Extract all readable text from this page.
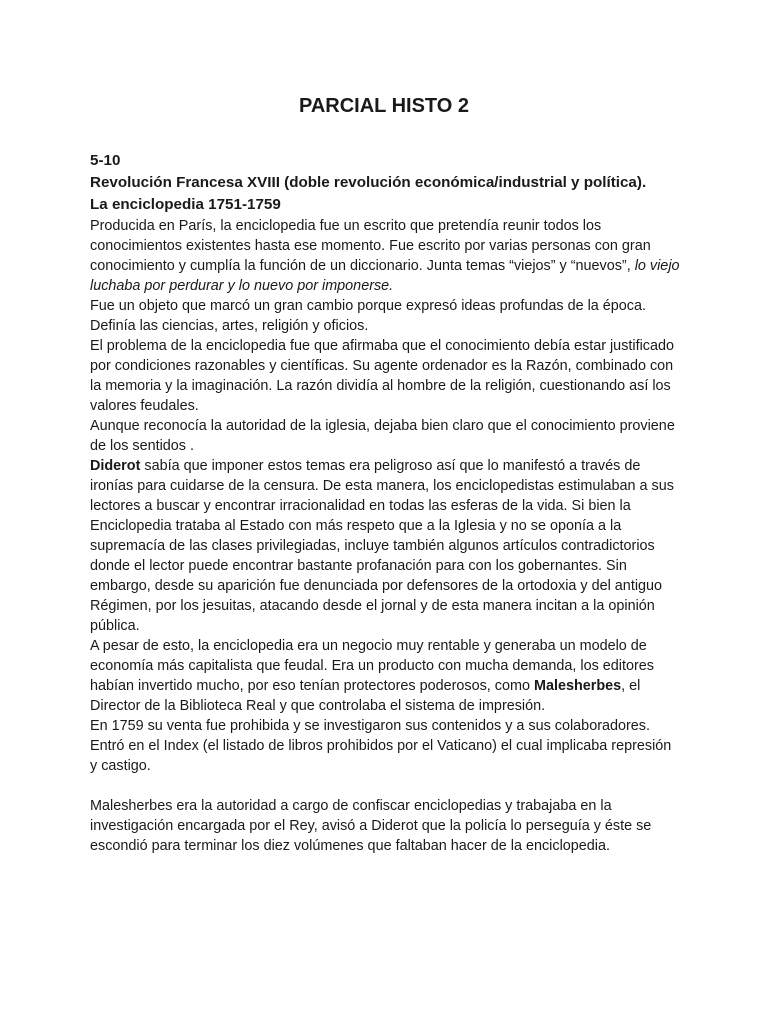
PARCIAL HISTO 2

5-10

Revolución Francesa XVIII (doble revolución económica/industrial y política).

La enciclopedia 1751-1759

Producida en París, la enciclopedia fue un escrito que pretendía reunir todos los conocimientos existentes hasta ese momento. Fue escrito por varias personas con gran conocimiento y cumplía la función de un diccionario. Junta temas “viejos” y “nuevos”, lo viejo luchaba por perdurar y lo nuevo por imponerse.

Fue un objeto que marcó un gran cambio porque expresó ideas profundas de la época. Definía las ciencias, artes, religión y oficios.

El problema de la enciclopedia fue que afirmaba que el conocimiento debía estar justificado por condiciones razonables y científicas. Su agente ordenador es la Razón, combinado con la memoria y la imaginación. La razón dividía al hombre de la religión, cuestionando así los valores feudales.

Aunque reconocía la autoridad de la iglesia, dejaba bien claro que el conocimiento proviene de los sentidos .

Diderot sabía que imponer estos temas era peligroso así que lo manifestó a través de ironías para cuidarse de la censura. De esta manera, los enciclopedistas estimulaban a sus lectores a buscar y encontrar irracionalidad en todas las esferas de la vida. Si bien la Enciclopedia trataba al Estado con más respeto que a la Iglesia y no se oponía a la supremacía de las clases privilegiadas, incluye también algunos artículos contradictorios donde el lector puede encontrar bastante profanación para con los gobernantes. Sin embargo, desde su aparición fue denunciada por defensores de la ortodoxia y del antiguo Régimen, por los jesuitas, atacando desde el jornal y de esta manera incitan a la opinión pública.

A pesar de esto, la enciclopedia era un negocio muy rentable y generaba un modelo de economía más capitalista que feudal. Era un producto con mucha demanda, los editores habían invertido mucho, por eso tenían protectores poderosos, como Malesherbes, el Director de la Biblioteca Real y que controlaba el sistema de impresión.

En 1759 su venta fue prohibida y se investigaron sus contenidos y a sus colaboradores. Entró en el Index (el listado de libros prohibidos por el Vaticano) el cual implicaba represión y castigo.

Malesherbes era la autoridad a cargo de confiscar enciclopedias y trabajaba en la investigación encargada por el Rey, avisó a Diderot que la policía lo perseguía y éste se escondió para terminar los diez volúmenes que faltaban hacer de la enciclopedia.
